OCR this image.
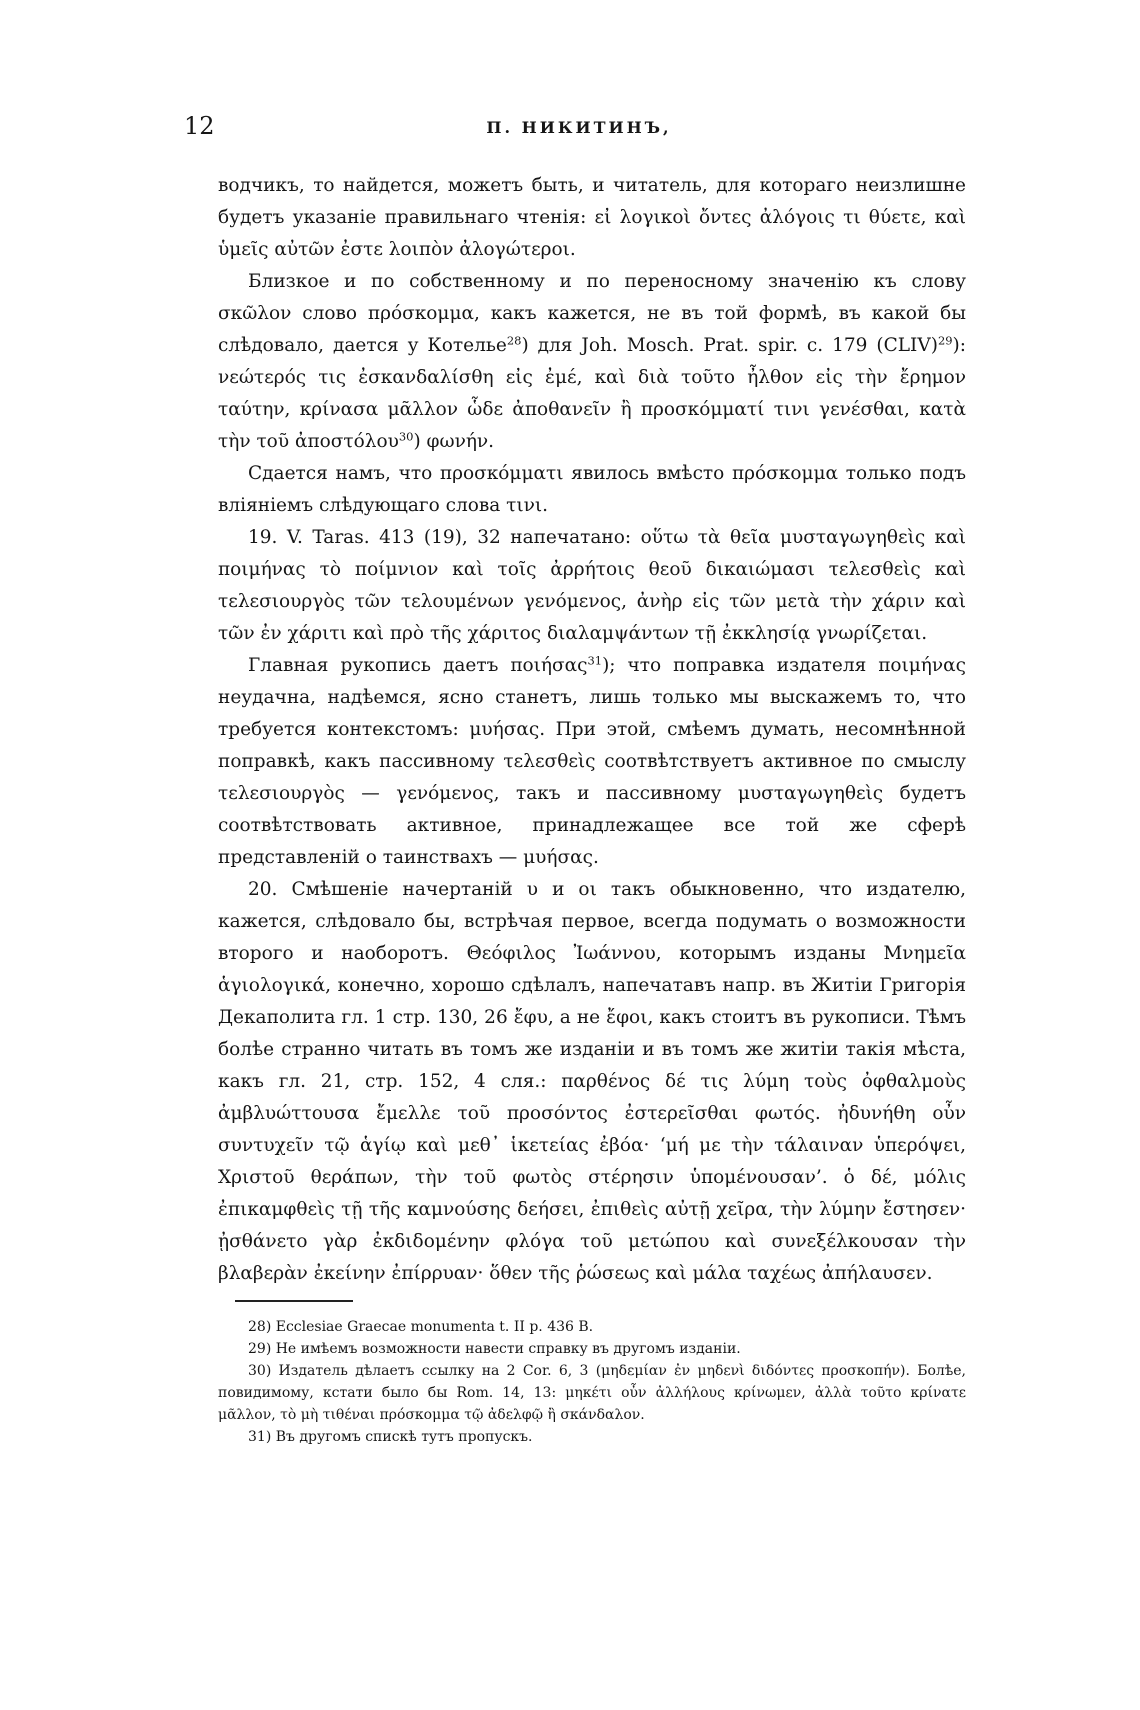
12	П. НИКИТИНЪ,

водчикъ, то найдется, можетъ быть, и читатель, для котораго неизлишне будетъ указаніе правильнаго чтенія: εἰ λογικοὶ ὄντες ἀλόγοις τι θύετε, καὶ ὑμεῖς αὐτῶν ἐστε λοιπὸν ἀλογώτεροι.

Близкое и по собственному и по переносному значенію къ слову σκῶλον слово πρόσκομμα, какъ кажется, не въ той формѣ, въ какой бы слѣдовало, дается у Котелье$^{28}$) для Joh. Mosch. Prat. spir. c. 179 (CLIV)$^{29}$): νεώτερός τις ἐσκανδαλίσθη εἰς ἐμέ, καὶ διὰ τοῦτο ἦλθον εἰς τὴν ἔρημον ταύτην, κρίνασα μᾶλλον ὧδε ἀποθανεῖν ἢ προσκόμματί τινι γενέσθαι, κατὰ τὴν τοῦ ἀποστόλου$^{30}$) φωνήν.

Сдается намъ, что προσκόμματι явилось вмѣсто πρόσκομμα только подъ вліяніемъ слѣдующаго слова τινι.

19. V. Taras. 413 (19), 32 напечатано: οὕτω τὰ θεῖα μυσταγωγηθεὶς καὶ ποιμήνας τὸ ποίμνιον καὶ τοῖς ἀρρήτοις θεοῦ δικαιώμασι τελεσθεὶς καὶ τελεσιουργὸς τῶν τελουμένων γενόμενος, ἀνὴρ εἰς τῶν μετὰ τὴν χάριν καὶ τῶν ἐν χάριτι καὶ πρὸ τῆς χάριτος διαλαμψάντων τῇ ἐκκλησίᾳ γνωρίζεται.

Главная рукопись даетъ ποιήσας$^{31}$); что поправка издателя ποιμήνας неудачна, надѣемся, ясно станетъ, лишь только мы выскажемъ то, что требуется контекстомъ: μυήσας. При этой, смѣемъ думать, несомнѣнной поправкѣ, какъ пассивному τελεσθεὶς соотвѣтствуетъ активное по смыслу τελεσιουργὸς — γενόμενος, такъ и пассивному μυσταγωγηθεὶς будетъ соотвѣтствовать активное, принадлежащее все той же сферѣ представленій о таинствахъ — μυήσας.

20. Смѣшеніе начертаній υ и οι такъ обыкновенно, что издателю, кажется, слѣдовало бы, встрѣчая первое, всегда подумать о возможности второго и наоборотъ. Θεόφιλος Ἰωάννου, которымъ изданы Μνημεῖα ἁγιολογικά, конечно, хорошо сдѣлалъ, напечатавъ напр. въ Житіи Григорія Декаполита гл. 1 стр. 130, 26 ἔφυ, а не ἔφοι, какъ стоитъ въ рукописи. Тѣмъ болѣе странно читать въ томъ же изданіи и въ томъ же житіи такія мѣста, какъ гл. 21, стр. 152, 4 сля.: παρθένος δέ τις λύμη τοὺς ὀφθαλμοὺς ἀμβλυώττουσα ἔμελλε τοῦ προσόντος ἐστερεῖσθαι φωτός. ἠδυνήθη οὖν συντυχεῖν τῷ ἁγίῳ καὶ μεθ᾽ ἱκετείας ἐβόα· ‘μή με τὴν τάλαιναν ὑπερόψει, Χριστοῦ θεράπων, τὴν τοῦ φωτὸς στέρησιν ὑπομένουσαν’. ὁ δέ, μόλις ἐπικαμφθεὶς τῇ τῆς καμνούσης δεήσει, ἐπιθεὶς αὐτῇ χεῖρα, τὴν λύμην ἔστησεν· ᾐσθάνετο γὰρ ἐκδιδομένην φλόγα τοῦ μετώπου καὶ συνεξέλκουσαν τὴν βλαβερὰν ἐκείνην ἐπίρρυαν· ὅθεν τῆς ῥώσεως καὶ μάλα ταχέως ἀπήλαυσεν.

28) Ecclesiae Graecae monumenta t. II p. 436 B.

29) Не имѣемъ возможности навести справку въ другомъ изданіи.

30) Издатель дѣлаетъ ссылку на 2 Cor. 6, 3 (μηδεμίαν ἐν μηδενὶ διδόντες προσκοπήν). Болѣе, повидимому, кстати было бы Rom. 14, 13: μηκέτι οὖν ἀλλήλους κρίνωμεν, ἀλλὰ τοῦτο κρίνατε μᾶλλον, τὸ μὴ τιθέναι πρόσκομμα τῷ ἀδελφῷ ἢ σκάνδαλον.

31) Въ другомъ спискѣ тутъ пропускъ.
